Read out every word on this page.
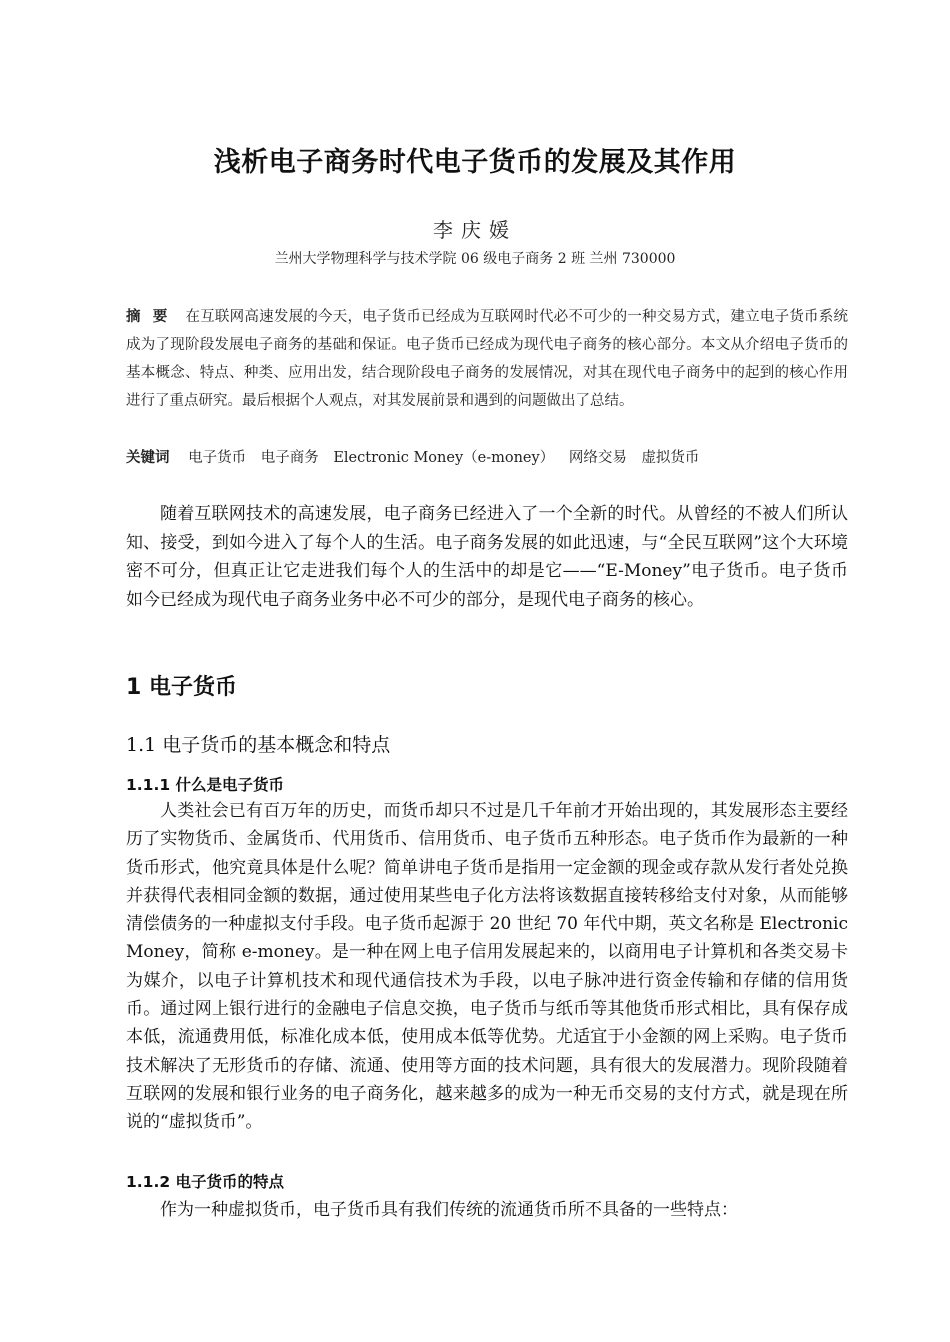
浅析电子商务时代电子货币的发展及其作用
李庆媛
兰州大学物理科学与技术学院 06 级电子商务 2 班 兰州 730000
摘要 在互联网高速发展的今天，电子货币已经成为互联网时代必不可少的一种交易方式，建立电子货币系统成为了现阶段发展电子商务的基础和保证。电子货币已经成为现代电子商务的核心部分。本文从介绍电子货币的基本概念、特点、种类、应用出发，结合现阶段电子商务的发展情况，对其在现代电子商务中的起到的核心作用进行了重点研究。最后根据个人观点，对其发展前景和遇到的问题做出了总结。
关键词 电子货币 电子商务 Electronic Money（e-money） 网络交易 虚拟货币
随着互联网技术的高速发展，电子商务已经进入了一个全新的时代。从曾经的不被人们所认知、接受，到如今进入了每个人的生活。电子商务发展的如此迅速，与“全民互联网”这个大环境密不可分，但真正让它走进我们每个人的生活中的却是它——“E-Money”电子货币。电子货币如今已经成为现代电子商务业务中必不可少的部分，是现代电子商务的核心。
1 电子货币
1.1 电子货币的基本概念和特点
1.1.1 什么是电子货币
人类社会已有百万年的历史，而货币却只不过是几千年前才开始出现的，其发展形态主要经历了实物货币、金属货币、代用货币、信用货币、电子货币五种形态。电子货币作为最新的一种货币形式，他究竟具体是什么呢？简单讲电子货币是指用一定金额的现金或存款从发行者处兑换并获得代表相同金额的数据，通过使用某些电子化方法将该数据直接转移给支付对象，从而能够清偿债务的一种虚拟支付手段。电子货币起源于 20 世纪 70 年代中期，英文名称是 Electronic Money，简称 e-money。是一种在网上电子信用发展起来的，以商用电子计算机和各类交易卡为媒介，以电子计算机技术和现代通信技术为手段，以电子脉冲进行资金传输和存储的信用货币。通过网上银行进行的金融电子信息交换，电子货币与纸币等其他货币形式相比，具有保存成本低，流通费用低，标准化成本低，使用成本低等优势。尤适宜于小金额的网上采购。电子货币技术解决了无形货币的存储、流通、使用等方面的技术问题，具有很大的发展潜力。现阶段随着互联网的发展和银行业务的电子商务化，越来越多的成为一种无币交易的支付方式，就是现在所说的“虚拟货币”。
1.1.2 电子货币的特点
作为一种虚拟货币，电子货币具有我们传统的流通货币所不具备的一些特点：
